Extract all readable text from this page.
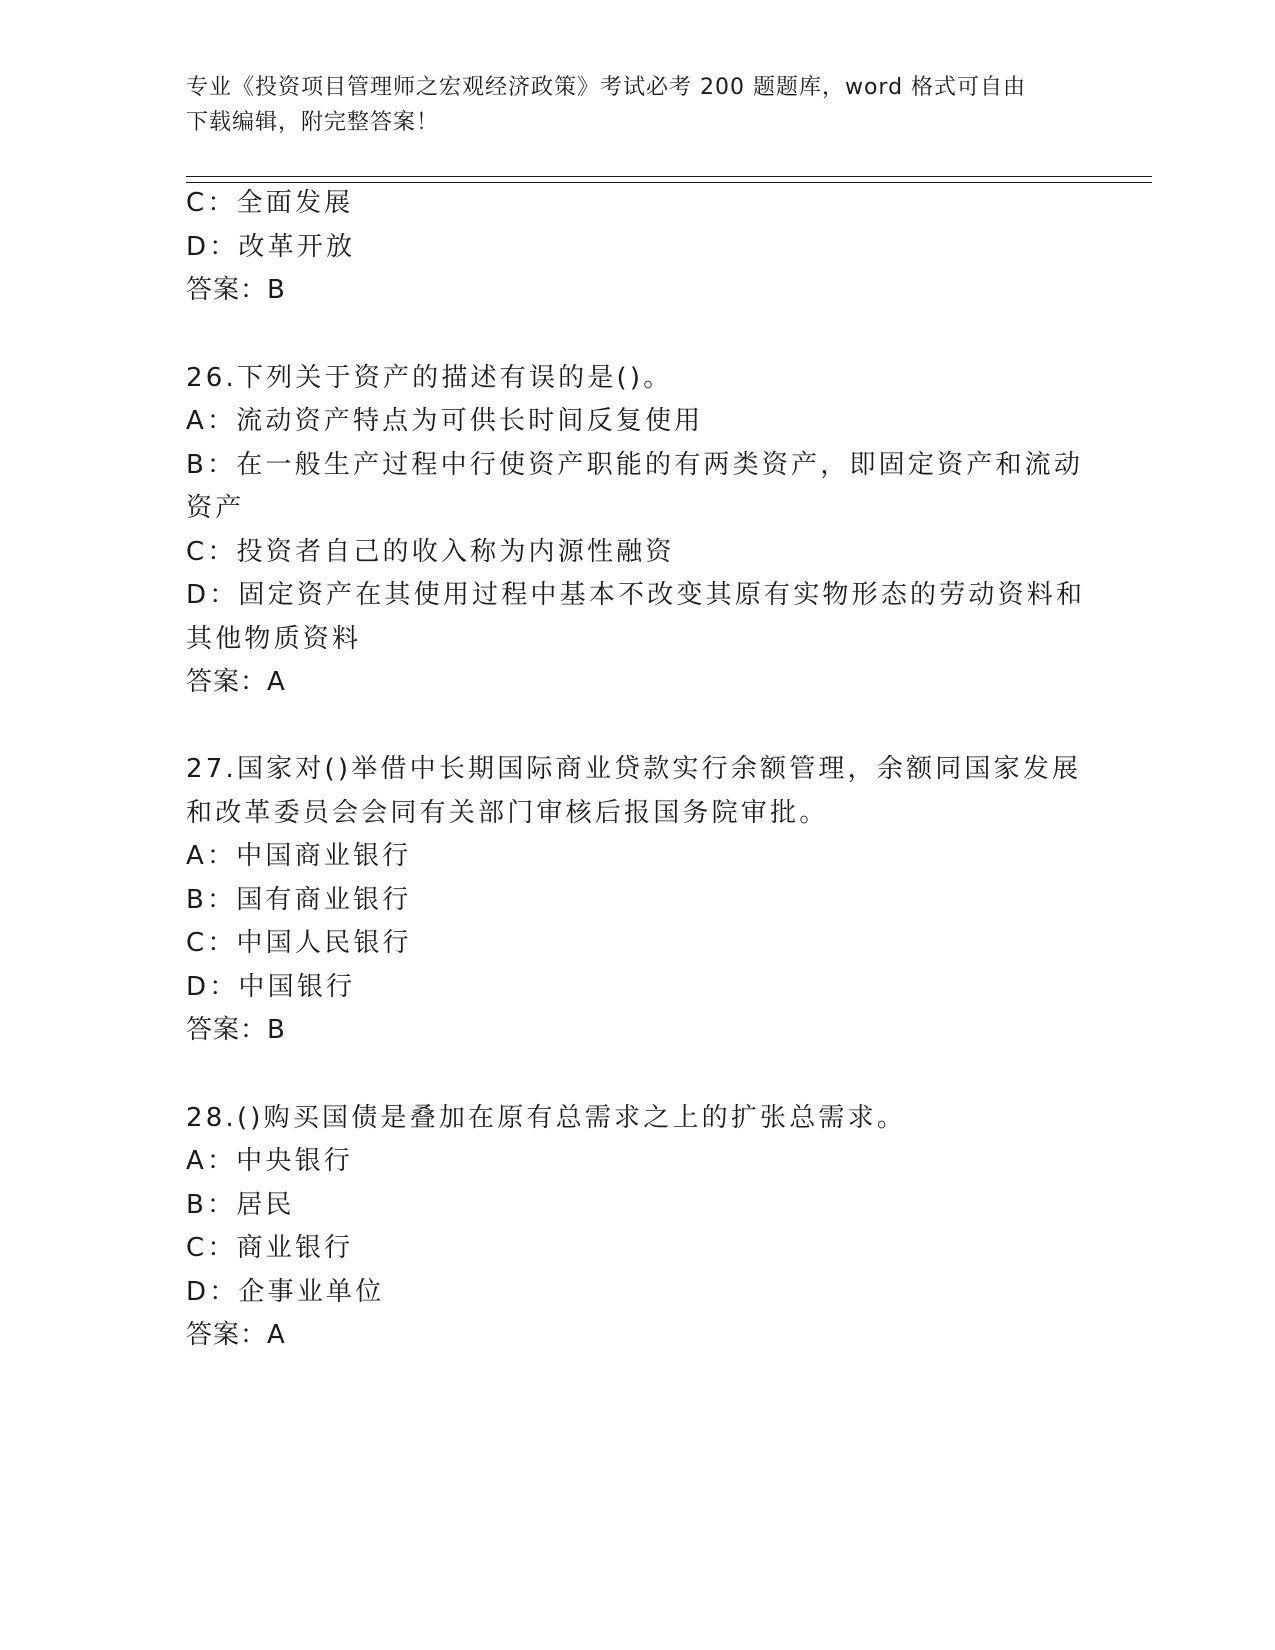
专业《投资项目管理师之宏观经济政策》考试必考 200 题题库，word 格式可自由
下载编辑，附完整答案！
C：全面发展
D：改革开放
答案：B
26.下列关于资产的描述有误的是()。
A：流动资产特点为可供长时间反复使用
B：在一般生产过程中行使资产职能的有两类资产，即固定资产和流动
资产
C：投资者自己的收入称为内源性融资
D：固定资产在其使用过程中基本不改变其原有实物形态的劳动资料和
其他物质资料
答案：A
27.国家对()举借中长期国际商业贷款实行余额管理，余额同国家发展
和改革委员会会同有关部门审核后报国务院审批。
A：中国商业银行
B：国有商业银行
C：中国人民银行
D：中国银行
答案：B
28.()购买国债是叠加在原有总需求之上的扩张总需求。
A：中央银行
B：居民
C：商业银行
D：企事业单位
答案：A
